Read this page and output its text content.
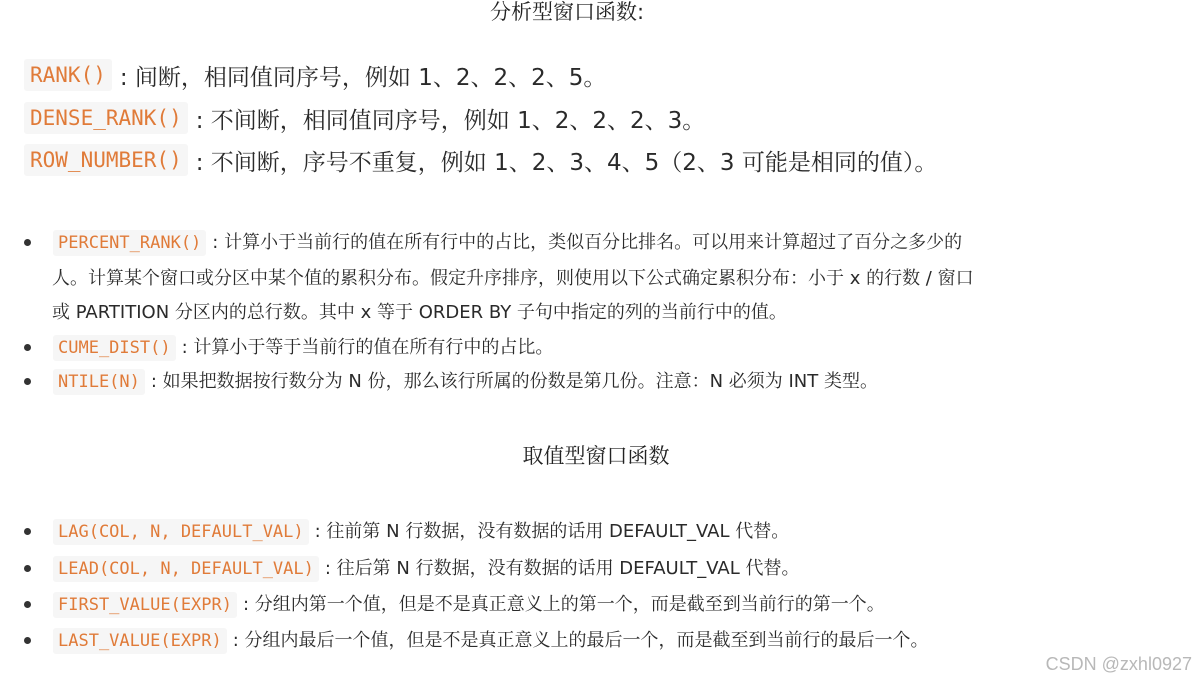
分析型窗口函数:
RANK() : 间断，相同值同序号，例如 1、2、2、2、5。
DENSE_RANK() : 不间断，相同值同序号，例如 1、2、2、2、3。
ROW_NUMBER() : 不间断，序号不重复，例如 1、2、3、4、5（2、3 可能是相同的值）。
PERCENT_RANK() : 计算小于当前行的值在所有行中的占比，类似百分比排名。可以用来计算超过了百分之多少的
人。计算某个窗口或分区中某个值的累积分布。假定升序排序，则使用以下公式确定累积分布：小于 x 的行数 / 窗口
或 PARTITION 分区内的总行数。其中 x 等于 ORDER BY 子句中指定的列的当前行中的值。
CUME_DIST() : 计算小于等于当前行的值在所有行中的占比。
NTILE(N) : 如果把数据按行数分为 N 份，那么该行所属的份数是第几份。注意：N 必须为 INT 类型。
取值型窗口函数
LAG(COL, N, DEFAULT_VAL) : 往前第 N 行数据，没有数据的话用 DEFAULT_VAL 代替。
LEAD(COL, N, DEFAULT_VAL) : 往后第 N 行数据，没有数据的话用 DEFAULT_VAL 代替。
FIRST_VALUE(EXPR) : 分组内第一个值，但是不是真正意义上的第一个，而是截至到当前行的第一个。
LAST_VALUE(EXPR) : 分组内最后一个值，但是不是真正意义上的最后一个，而是截至到当前行的最后一个。
CSDN @zxhl0927
